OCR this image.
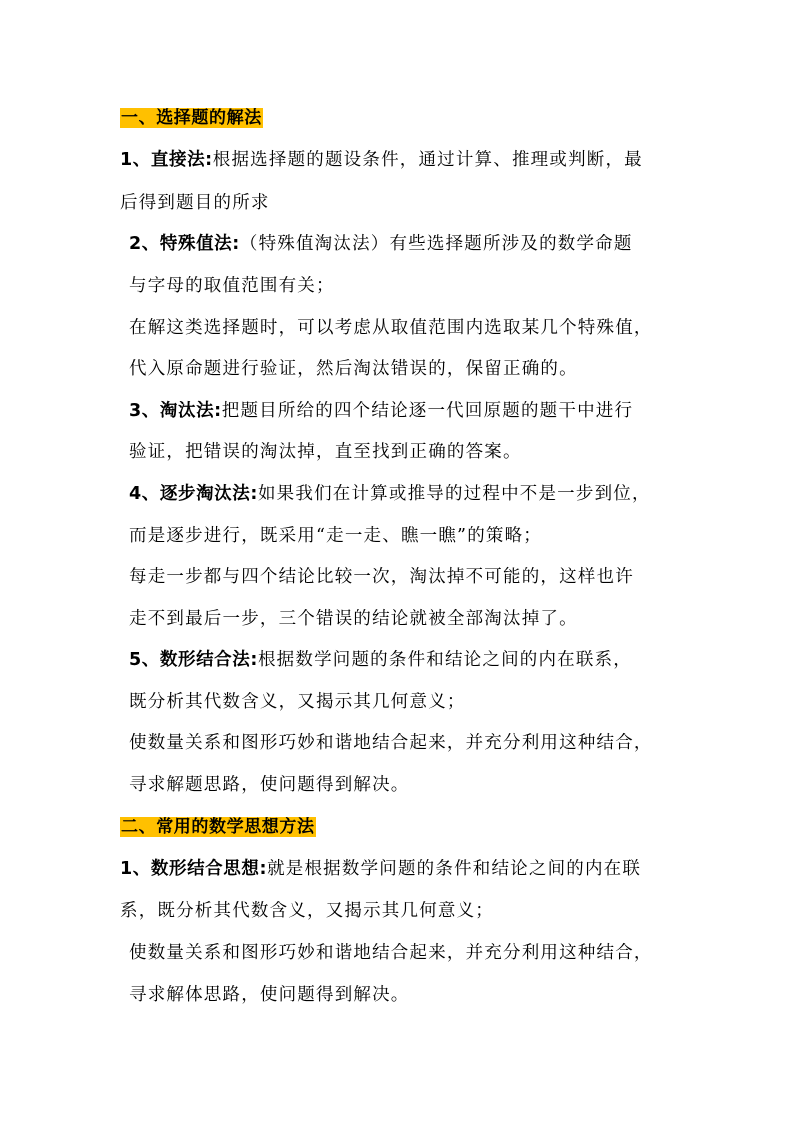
一、选择题的解法
1、直接法:根据选择题的题设条件，通过计算、推理或判断，最
后得到题目的所求
2、特殊值法:（特殊值淘汰法）有些选择题所涉及的数学命题
与字母的取值范围有关；
在解这类选择题时，可以考虑从取值范围内选取某几个特殊值，
代入原命题进行验证，然后淘汰错误的，保留正确的。
3、淘汰法:把题目所给的四个结论逐一代回原题的题干中进行
验证，把错误的淘汰掉，直至找到正确的答案。
4、逐步淘汰法:如果我们在计算或推导的过程中不是一步到位，
而是逐步进行，既采用“走一走、瞧一瞧”的策略；
每走一步都与四个结论比较一次，淘汰掉不可能的，这样也许
走不到最后一步，三个错误的结论就被全部淘汰掉了。
5、数形结合法:根据数学问题的条件和结论之间的内在联系，
既分析其代数含义，又揭示其几何意义；
使数量关系和图形巧妙和谐地结合起来，并充分利用这种结合，
寻求解题思路，使问题得到解决。
二、常用的数学思想方法
1、数形结合思想:就是根据数学问题的条件和结论之间的内在联
系，既分析其代数含义，又揭示其几何意义；
使数量关系和图形巧妙和谐地结合起来，并充分利用这种结合，
寻求解体思路，使问题得到解决。
